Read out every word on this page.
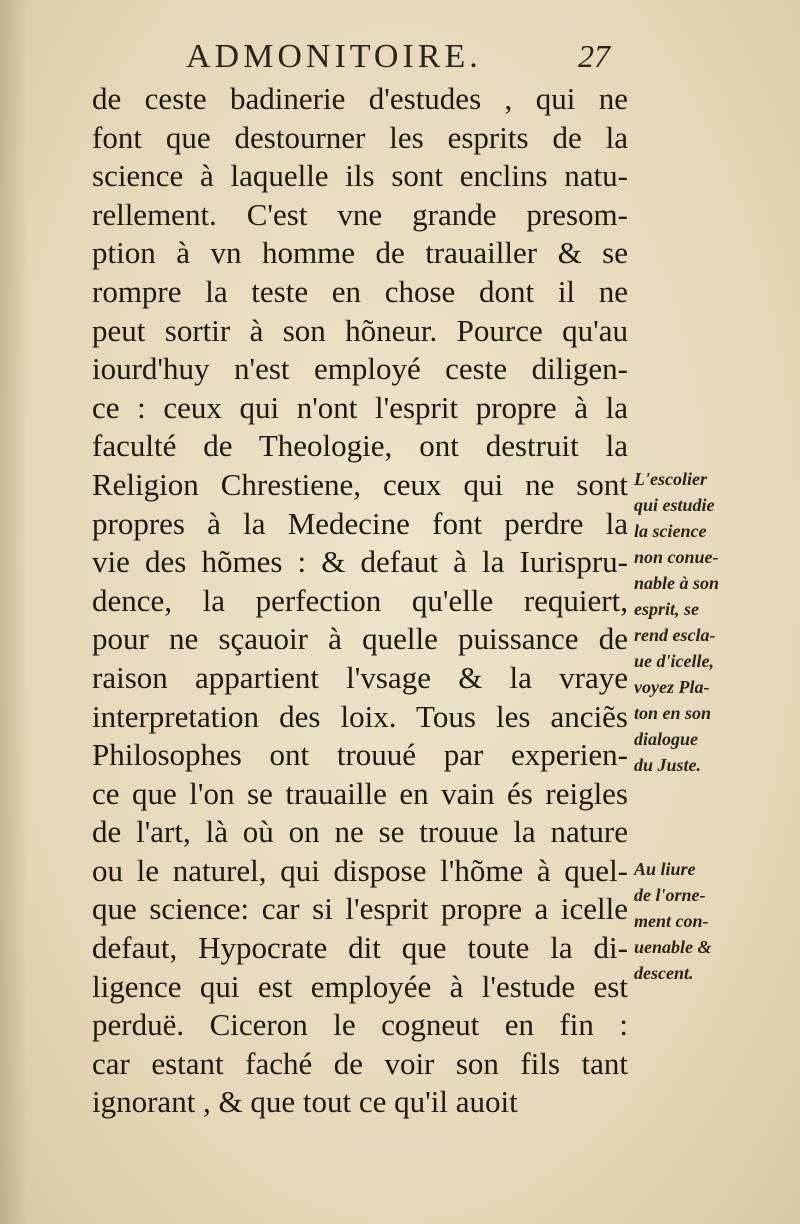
ADMONITOIRE.	27
de ceste badinerie d'estudes , qui ne
font que destourner les esprits de la
science à laquelle ils sont enclins natu-
rellement. C'est vne grande presom-
ption à vn homme de trauailler & se
rompre la teste en chose dont il ne
peut sortir à son hõneur. Pource qu'au
iourd'huy n'est employé ceste diligen-
ce : ceux qui n'ont l'esprit propre à la
faculté de Theologie, ont destruit la
Religion Chrestiene, ceux qui ne sont
propres à la Medecine font perdre la
vie des hõmes : & defaut à la Iurispru-
dence, la perfection qu'elle requiert,
pour ne sçauoir à quelle puissance de
raison appartient l'vsage & la vraye
interpretation des loix. Tous les anciẽs
Philosophes ont trouué par experien-
ce que l'on se trauaille en vain és reigles
de l'art, là où on ne se trouue la nature
ou le naturel, qui dispose l'hõme à quel-
que science: car si l'esprit propre a icelle
defaut, Hypocrate dit que toute la di-
ligence qui est employée à l'estude est
perduë. Ciceron le cogneut en fin :
car estant faché de voir son fils tant
ignorant , & que tout ce qu'il auoit
L'escolier
qui estudie
la science
non conue-
nable à son
esprit, se
rend escla-
ue d'icelle,
voyez Pla-
ton en son
dialogue
du Juste.
Au liure
de l'orne-
ment con-
uenable &
descent.
